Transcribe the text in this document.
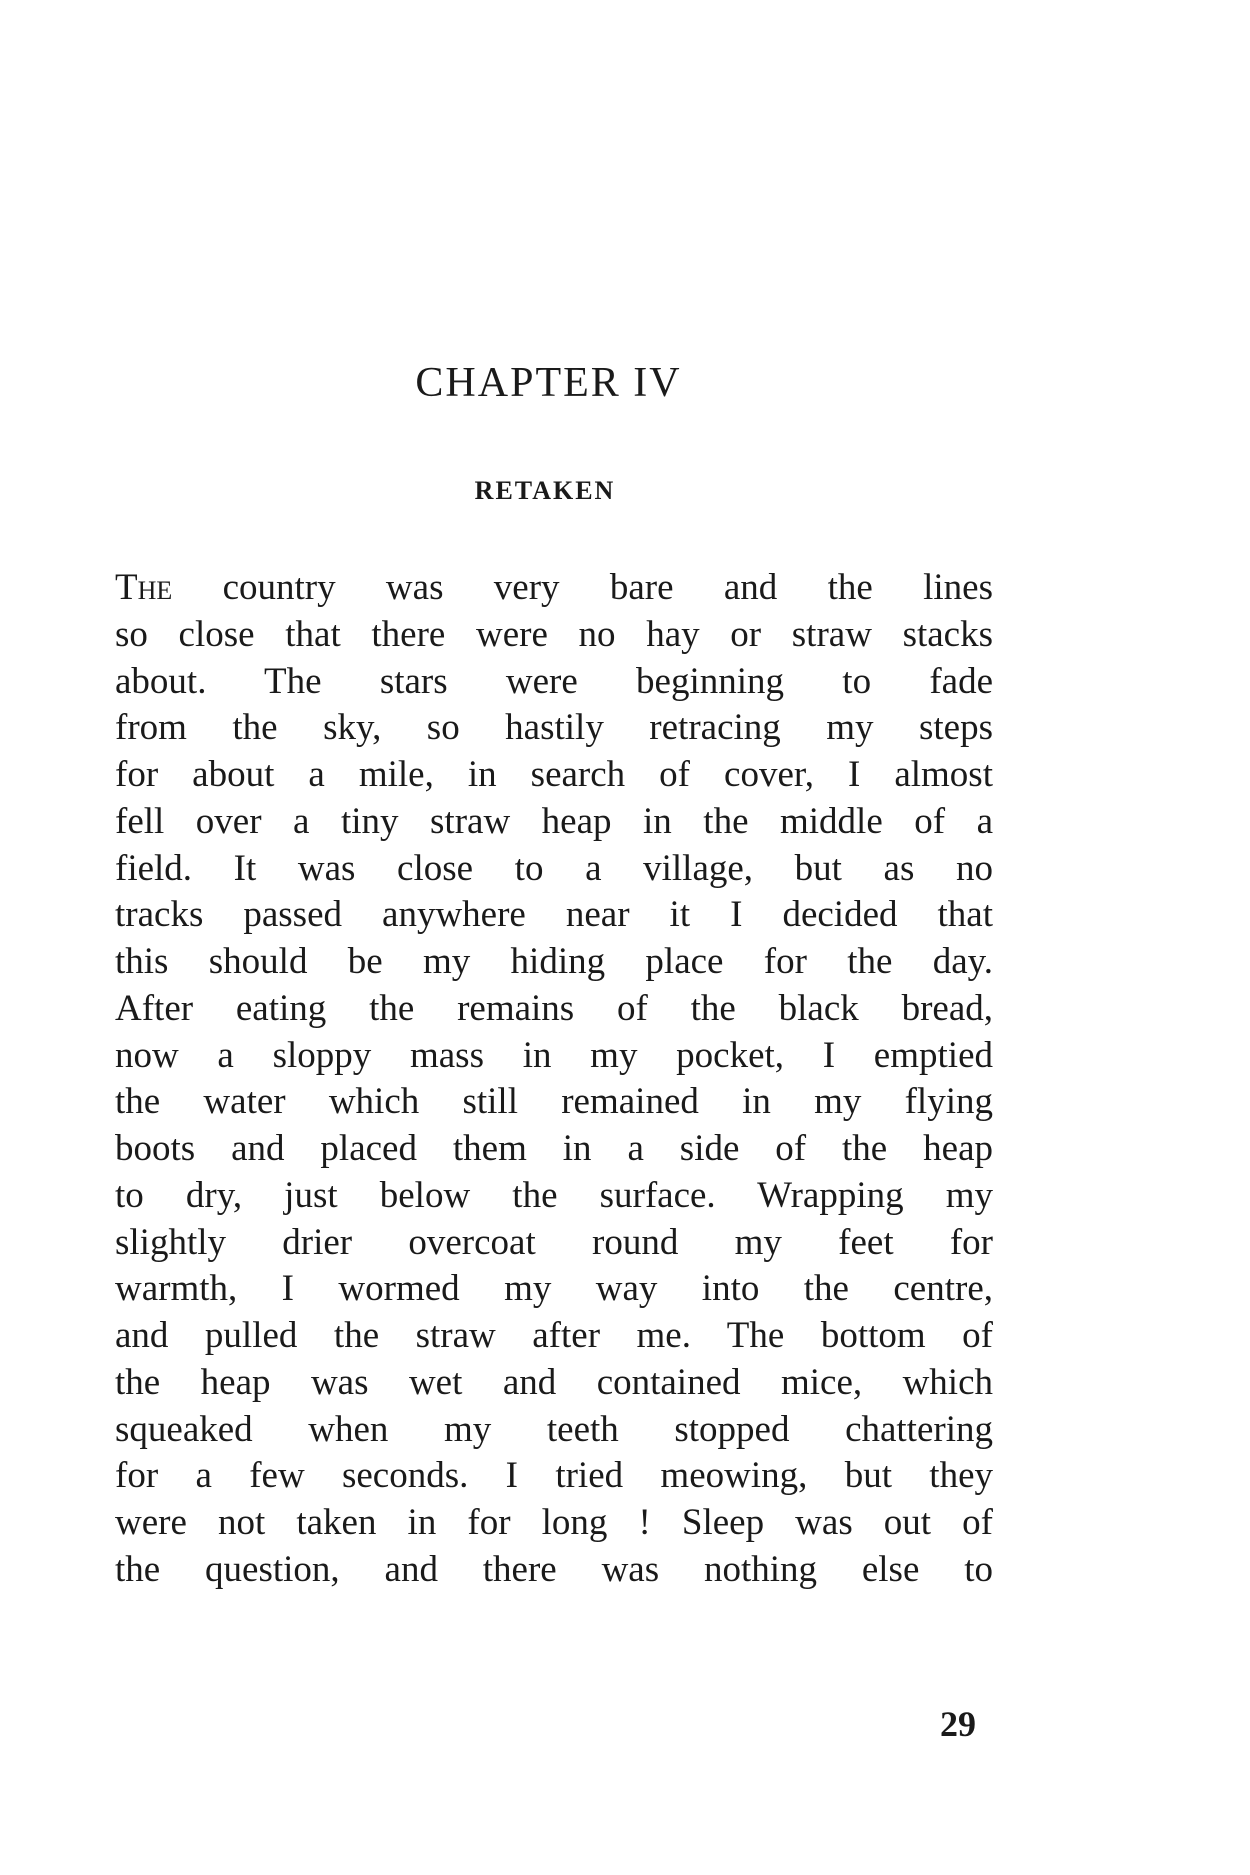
CHAPTER IV
RETAKEN
The country was very bare and the lines
so close that there were no hay or straw stacks
about. The stars were beginning to fade
from the sky, so hastily retracing my steps
for about a mile, in search of cover, I almost
fell over a tiny straw heap in the middle of a
field. It was close to a village, but as no
tracks passed anywhere near it I decided that
this should be my hiding place for the day.
After eating the remains of the black bread,
now a sloppy mass in my pocket, I emptied
the water which still remained in my flying
boots and placed them in a side of the heap
to dry, just below the surface. Wrapping my
slightly drier overcoat round my feet for
warmth, I wormed my way into the centre,
and pulled the straw after me. The bottom of
the heap was wet and contained mice, which
squeaked when my teeth stopped chattering
for a few seconds. I tried meowing, but they
were not taken in for long ! Sleep was out of
the question, and there was nothing else to
29
